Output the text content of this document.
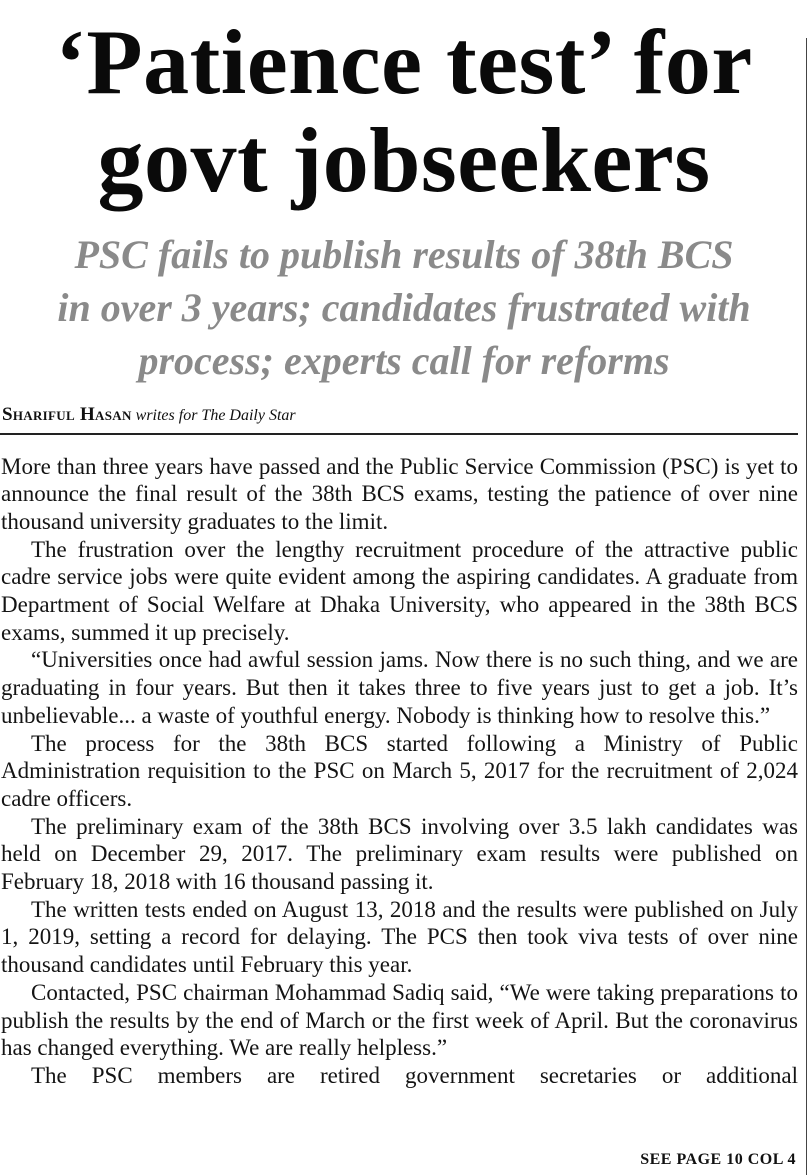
‘Patience test’ for
govt jobseekers
PSC fails to publish results of 38th BCS
in over 3 years; candidates frustrated with
process; experts call for reforms
Shariful Hasan writes for The Daily Star

More than three years have passed and the Public Service Commission (PSC) is yet to announce the final result of the 38th BCS exams, testing the patience of over nine thousand university graduates to the limit.

The frustration over the lengthy recruitment procedure of the attractive public cadre service jobs were quite evident among the aspiring candidates. A graduate from Department of Social Welfare at Dhaka University, who appeared in the 38th BCS exams, summed it up precisely.

“Universities once had awful session jams. Now there is no such thing, and we are graduating in four years. But then it takes three to five years just to get a job. It’s unbelievable... a waste of youthful energy. Nobody is thinking how to resolve this.”

The process for the 38th BCS started following a Ministry of Public Administration requisition to the PSC on March 5, 2017 for the recruitment of 2,024 cadre officers.

The preliminary exam of the 38th BCS involving over 3.5 lakh candidates was held on December 29, 2017. The preliminary exam results were published on February 18, 2018 with 16 thousand passing it.

The written tests ended on August 13, 2018 and the results were published on July 1, 2019, setting a record for delaying. The PCS then took viva tests of over nine thousand candidates until February this year.

Contacted, PSC chairman Mohammad Sadiq said, “We were taking preparations to publish the results by the end of March or the first week of April. But the coronavirus has changed everything. We are really helpless.”

The PSC members are retired government secretaries or additional

SEE PAGE 10 COL 4
